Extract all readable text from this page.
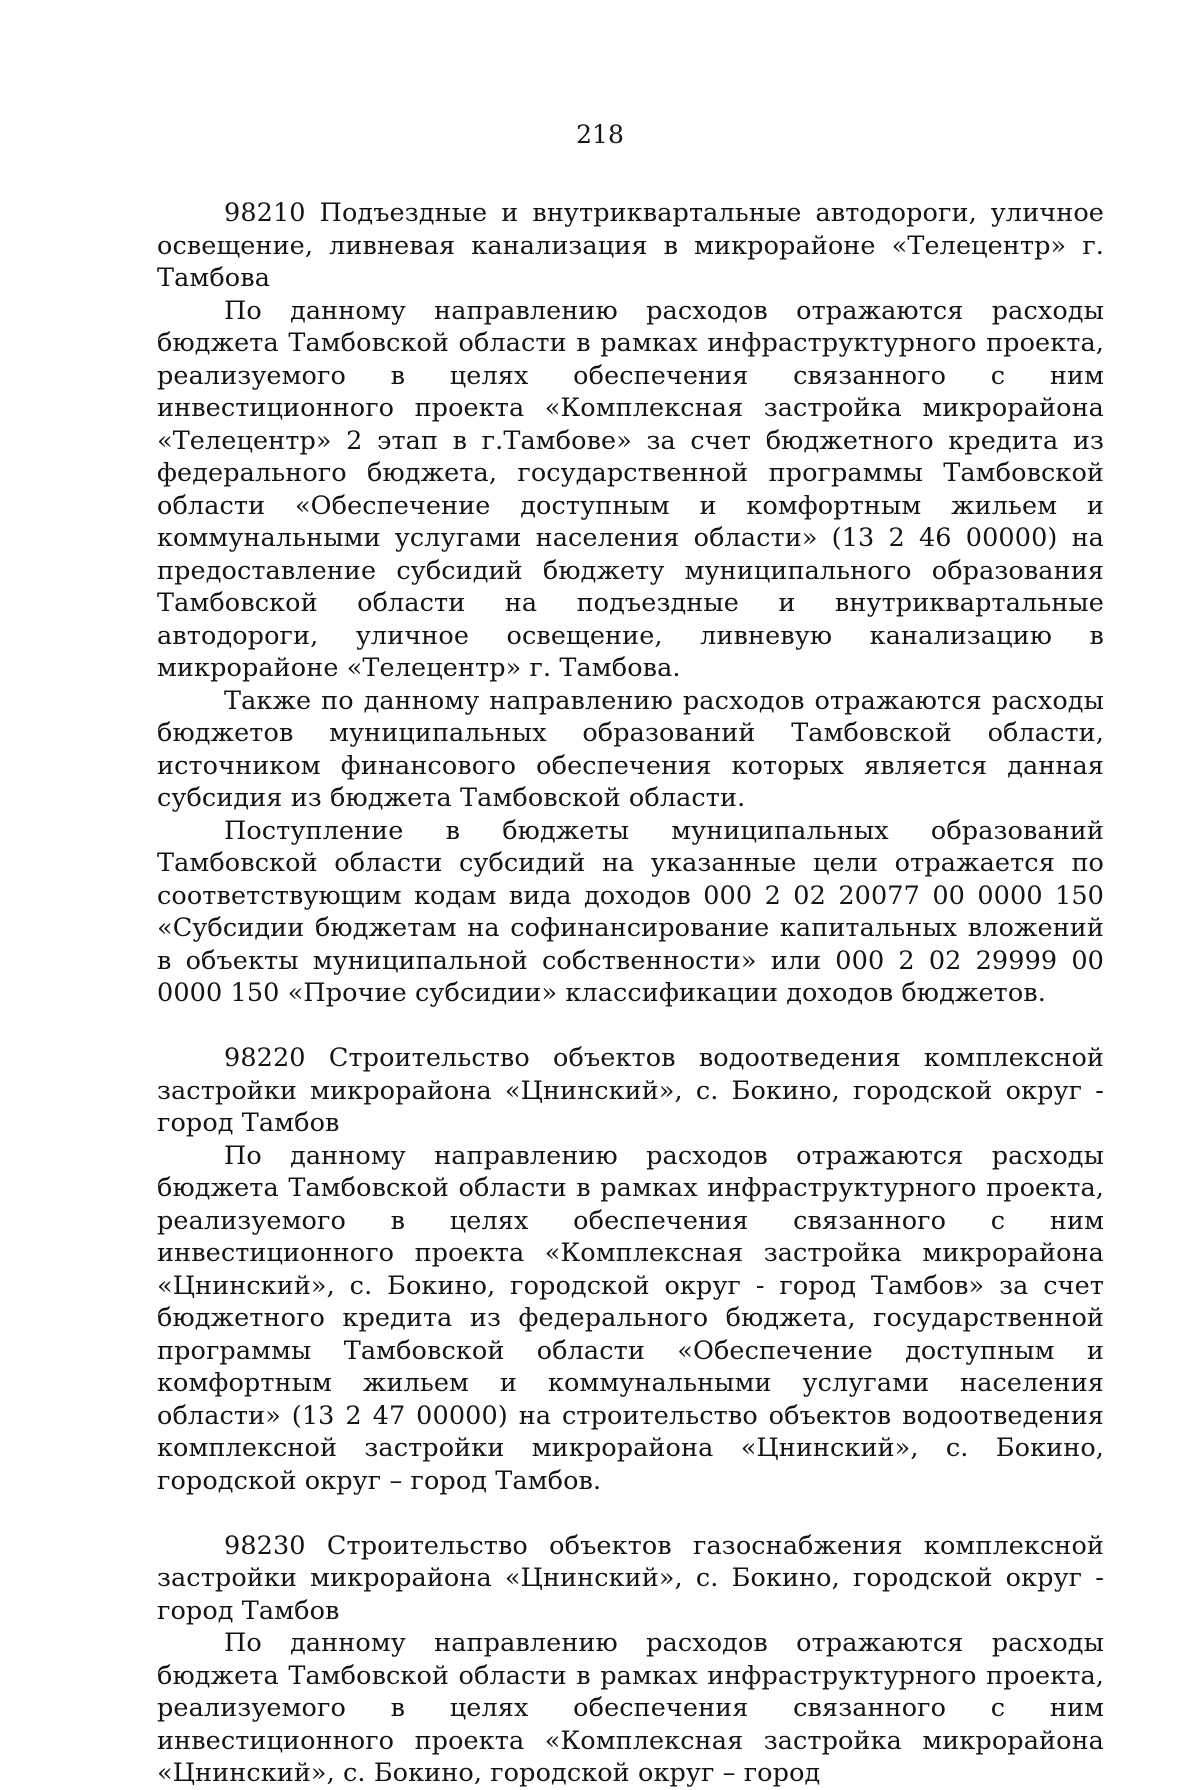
218

98210 Подъездные и внутриквартальные автодороги, уличное освещение, ливневая канализация в микрорайоне «Телецентр» г. Тамбова

По данному направлению расходов отражаются расходы бюджета Тамбовской области в рамках инфраструктурного проекта, реализуемого в целях обеспечения связанного с ним инвестиционного проекта «Комплексная застройка микрорайона «Телецентр» 2 этап в г.Тамбове» за счет бюджетного кредита из федерального бюджета, государственной программы Тамбовской области «Обеспечение доступным и комфортным жильем и коммунальными услугами населения области» (13 2 46 00000) на предоставление субсидий бюджету муниципального образования Тамбовской области на подъездные и внутриквартальные автодороги, уличное освещение, ливневую канализацию в микрорайоне «Телецентр» г. Тамбова.

Также по данному направлению расходов отражаются расходы бюджетов муниципальных образований Тамбовской области, источником финансового обеспечения которых является данная субсидия из бюджета Тамбовской области.

Поступление в бюджеты муниципальных образований Тамбовской области субсидий на указанные цели отражается по соответствующим кодам вида доходов 000 2 02 20077 00 0000 150 «Субсидии бюджетам на софинансирование капитальных вложений в объекты муниципальной собственности» или 000 2 02 29999 00 0000 150 «Прочие субсидии» классификации доходов бюджетов.

98220 Строительство объектов водоотведения комплексной застройки микрорайона «Цнинский», с. Бокино, городской округ - город Тамбов

По данному направлению расходов отражаются расходы бюджета Тамбовской области в рамках инфраструктурного проекта, реализуемого в целях обеспечения связанного с ним инвестиционного проекта «Комплексная застройка микрорайона «Цнинский», с. Бокино, городской округ - город Тамбов» за счет бюджетного кредита из федерального бюджета, государственной программы Тамбовской области «Обеспечение доступным и комфортным жильем и коммунальными услугами населения области» (13 2 47 00000) на строительство объектов водоотведения комплексной застройки микрорайона «Цнинский», с. Бокино, городской округ – город Тамбов.

98230 Строительство объектов газоснабжения комплексной застройки микрорайона «Цнинский», с. Бокино, городской округ - город Тамбов

По данному направлению расходов отражаются расходы бюджета Тамбовской области в рамках инфраструктурного проекта, реализуемого в целях обеспечения связанного с ним инвестиционного проекта «Комплексная застройка микрорайона «Цнинский», с. Бокино, городской округ – город
